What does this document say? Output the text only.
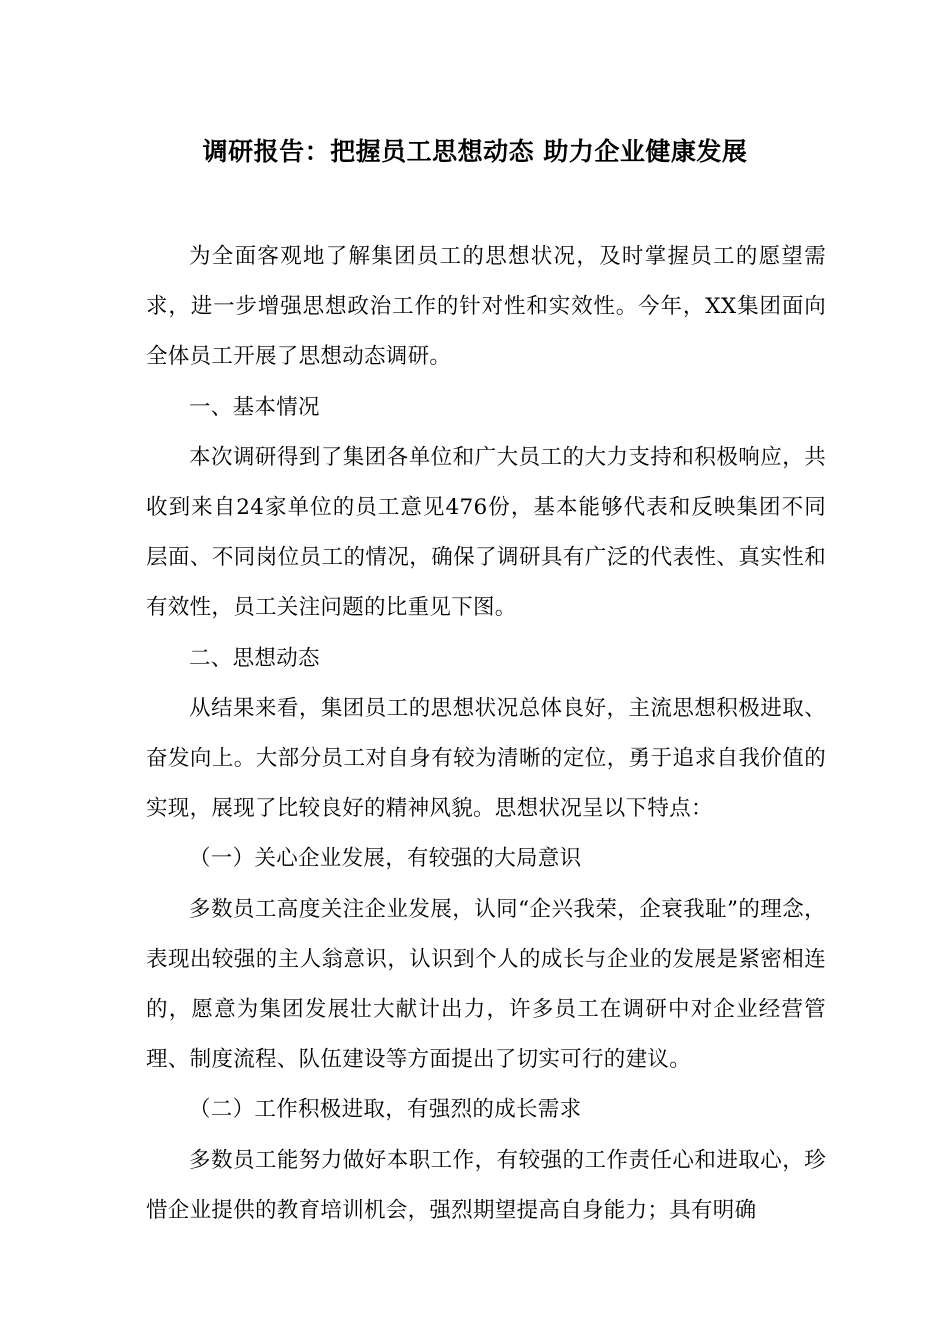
调研报告：把握员工思想动态 助力企业健康发展

为全面客观地了解集团员工的思想状况，及时掌握员工的愿望需求，进一步增强思想政治工作的针对性和实效性。今年，XX集团面向全体员工开展了思想动态调研。

一、基本情况

本次调研得到了集团各单位和广大员工的大力支持和积极响应，共收到来自24家单位的员工意见476份，基本能够代表和反映集团不同层面、不同岗位员工的情况，确保了调研具有广泛的代表性、真实性和有效性，员工关注问题的比重见下图。

二、思想动态

从结果来看，集团员工的思想状况总体良好，主流思想积极进取、奋发向上。大部分员工对自身有较为清晰的定位，勇于追求自我价值的实现，展现了比较良好的精神风貌。思想状况呈以下特点：

（一）关心企业发展，有较强的大局意识

多数员工高度关注企业发展，认同“企兴我荣，企衰我耻”的理念，表现出较强的主人翁意识，认识到个人的成长与企业的发展是紧密相连的，愿意为集团发展壮大献计出力，许多员工在调研中对企业经营管理、制度流程、队伍建设等方面提出了切实可行的建议。

（二）工作积极进取，有强烈的成长需求

多数员工能努力做好本职工作，有较强的工作责任心和进取心，珍惜企业提供的教育培训机会，强烈期望提高自身能力；具有明确
